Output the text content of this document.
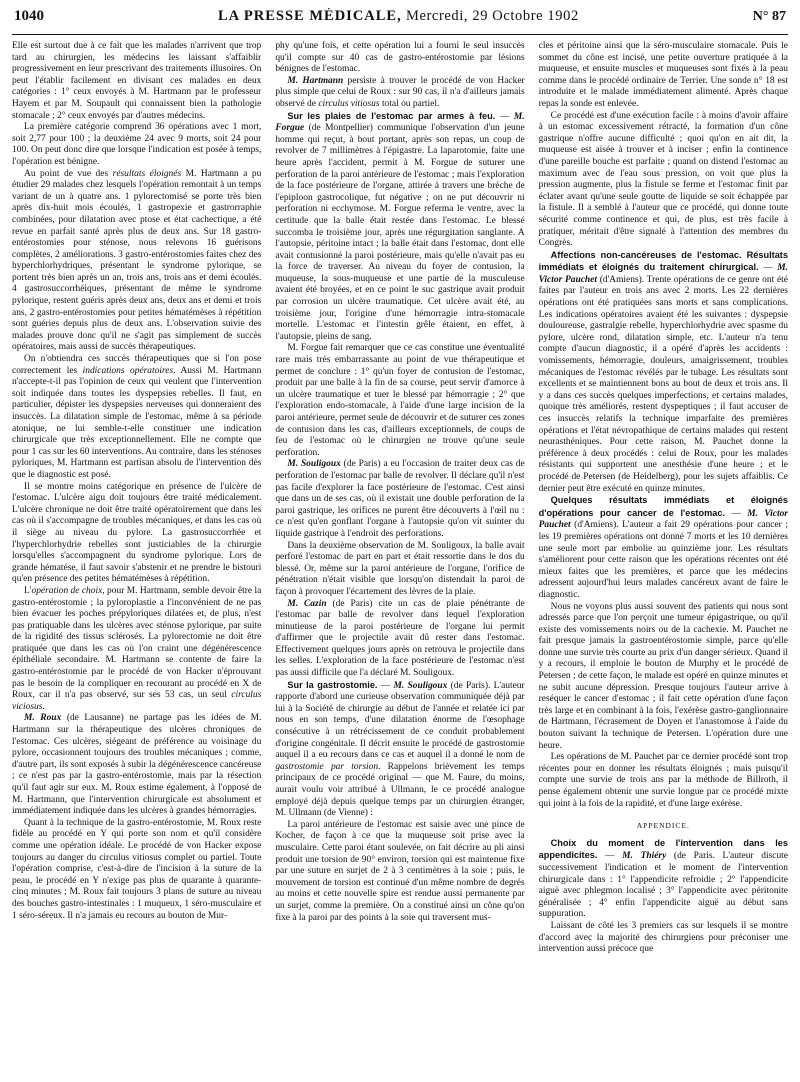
1040	LA PRESSE MÉDICALE, Mercredi, 29 Octobre 1902	N° 87

Elle est surtout due à ce fait que les malades n'arrivent que trop tard au chirurgien, les médecins les laissant s'affaiblir progressivement en leur prescrivant des traitements illusoires. On peut l'établir facilement en divisant ces malades en deux catégories : 1° ceux envoyés à M. Hartmann par le professeur Hayem et par M. Soupault qui connaissent bien la pathologie stomacale ; 2° ceux envoyés par d'autres médecins.

La première catégorie comprend 36 opérations avec 1 mort, soit 2,77 pour 100 ; la deuxième 24 avec 9 morts, soit 24 pour 100. On peut donc dire que lorsque l'indication est posée à temps, l'opération est bénigne.

Au point de vue des résultats éloignés M. Hartmann a pu étudier 29 malades chez lesquels l'opération remontait à un temps variant de un à quatre ans. 1 pylorectomisé se porte très bien après dix-huit mois écoulés, 1 gastropexie et gastrorraphie combinées, pour dilatation avec ptose et état cachectique, a été revue en parfait santé après plus de deux ans. Sur 18 gastro-entérostomies pour sténose, nous relevons 16 guérisons complètes, 2 améliorations. 3 gastro-entérostomies faites chez des hyperchlorhydriques, présentant le syndrome pylorique, se portent très bien après un an, trois ans, trois ans et demi écoulés. 4 gastrosuccorrhéiques, présentant de même le syndrome pylorique, restent guéris après deux ans, deux ans et demi et trois ans, 2 gastro-entérostomies pour petites hématémèses à répétition sont guéries depuis plus de deux ans. L'observation suivie des malades prouve donc qu'il ne s'agit pas simplement de succès opératoires, mais aussi de succès thérapeutiques.

On n'obtiendra ces succès thérapeutiques que si l'on pose correctement les indications opératoires. Aussi M. Hartmann n'accepte-t-il pas l'opinion de ceux qui veulent que l'intervention soit indiquée dans toutes les dyspepsies rebelles. Il faut, en particulier, dépister les dyspepsies nerveuses qui donneraient des insuccès. La dilatation simple de l'estomac, même à sa période atonique, ne lui semble-t-elle constituer une indication chirurgicale que très exceptionnellement. Elle ne compte que pour 1 cas sur les 60 interventions. Au contraire, dans les sténoses pyloriques, M. Hartmann est partisan absolu de l'intervention dès que le diagnostic est posé.

Il se montre moins catégorique en présence de l'ulcère de l'estomac. L'ulcère aigu doit toujours être traité médicalement. L'ulcère chronique ne doit être traité opératoirement que dans les cas où il s'accompagne de troubles mécaniques, et dans les cas où il siège au niveau du pylore. La gastrosuccorrhée et l'hyperchlorhydrie rebelles sont justiciables de la chirurgie lorsqu'elles s'accompagnent du syndrome pylorique. Lors de grande hématése, il faut savoir s'abstenir et ne prendre le bistouri qu'en présence des petites hématémèses à répétition.

L'opération de choix, pour M. Hartmann, semble devoir être la gastro-entérostomie ; la pyloroplastie a l'inconvénient de ne pas bien évacuer les poches prépyloriques dilatées et, de plus, n'est pas pratiquable dans les ulcères avec sténose pylorique, par suite de la rigidité des tissus sclérosés. La pylorectomie ne doit être pratiquée que dans les cas où l'on craint une dégénérescence épithéliale secondaire. M. Hartmann se contente de faire la gastro-entérostomie par le procédé de von Hacker n'éprouvant pas le besoin de la compliquer en recourant au procédé en X de Roux, car il n'a pas observé, sur ses 53 cas, un seul circulus viciosus.

M. Roux (de Lausanne) ne partage pas les idées de M. Hartmann sur la thérapeutique des ulcères chroniques de l'estomac. Ces ulcères, siégeant de préférence au voisinage du pylore, occasionnent toujours des troubles mécaniques ; comme, d'autre part, ils sont exposés à subir la dégénérescence cancéreuse ; ce n'est pas par la gastro-entérostomie, mais par la résection qu'il faut agir sur eux. M. Roux estime également, à l'opposé de M. Hartmann, que l'intervention chirurgicale est absolument et immédiatement indiquée dans les ulcères à grandes hémorragies.

Quant à la technique de la gastro-entérostomie, M. Roux reste fidèle au procédé en Y qui porte son nom et qu'il considère comme une opération idéale. Le procédé de von Hacker expose toujours au danger du circulus vitiosus complet ou partiel. Toute l'opération comprise, c'est-à-dire de l'incision à la suture de la peau, le procédé en Y n'exige pas plus de quarante à quarante-cinq minutes ; M. Roux fait toujours 3 plans de suture au niveau des bouches gastro-intestinales : 1 muqueux, 1 séro-musculaire et 1 séro-séreux. Il n'a jamais eu recours au bouton de Mur-

phy qu'une fois, et cette opération lui a fourni le seul insuccès qu'il compte sur 40 cas de gastro-entérostomie par lésions bénignes de l'estomac.

M. Hartmann persiste à trouver le procédé de von Hacker plus simple que celui de Roux : sur 90 cas, il n'a d'ailleurs jamais observé de circulus vitiosus total ou partiel.

Sur les plaies de l'estomac par armes à feu. — M. Forgue (de Montpellier) communique l'observation d'un jeune homme qui reçut, à bout portant, après son repas, un coup de revolver de 7 millimètres à l'épigastre. La laparotomie, faite une heure après l'accident, permit à M. Forgue de suturer une perforation de la paroi antérieure de l'estomac ; mais l'exploration de la face postérieure de l'organe, attirée à travers une brèche de l'epiploon gastrocolique, fut négative ; on ne put découvrir ni perforation ni ecchymose. M. Forgue referma le ventre, avec la certitude que la balle était restée dans l'estomac. Le blessé succomba le troisième jour, après une régurgitation sanglante. A l'autopsie, péritoine intact ; la balle était dans l'estomac, dont elle avait contusionné la paroi postérieure, mais qu'elle n'avait pas eu la force de traverser. Au niveau du foyer de contusion, la muqueuse, la sous-muqueuse et une partie de la musculeuse avaient été broyées, et en ce point le suc gastrique avait produit par corrosion un ulcère traumatique. Cet ulcère avait été, au troisième jour, l'origine d'une hémorragie intra-stomacale mortelle. L'estomac et l'intestin grêle étaient, en effet, à l'autopsie, pleins de sang.

M. Forgue fait remarquer que ce cas constitue une éventualité rare mais très embarrassante au point de vue thérapeutique et permet de conclure : 1° qu'un foyer de contusion de l'estomac, produit par une balle à la fin de sa course, peut servir d'amorce à un ulcère traumatique et tuer le blessé par hémorragie ; 2° que l'exploration endo-stomacale, à l'aide d'une large incision de la paroi antérieure, permet seule de découvrir et de suturer ces zones de contusion dans les cas, d'ailleurs exceptionnels, de coups de feu de l'estomac où le chirurgien ne trouve qu'une seule perforation.

M. Souligoux (de Paris) a eu l'occasion de traiter deux cas de perforation de l'estomac par balle de revolver. Il déclare qu'il n'est pas facile d'explorer la face postérieure de l'estomac. C'est ainsi que dans un de ses cas, où il existait une double perforation de la paroi gastrique, les orifices ne purent être découverts à l'œil nu : ce n'est qu'en gonflant l'organe à l'autopsie qu'on vit suinter du liquide gastrique à l'endroit des perforations.

Dans la deuxième observation de M. Souligoux, la balle avait perforé l'estomac de part en part et était ressortie dans le dos du blessé. Or, même sur la paroi antérieure de l'organe, l'orifice de pénétration n'était visible que lorsqu'on distendait la paroi de façon à provoquer l'écartement des lèvres de la plaie.

M. Cazin (de Paris) cite un cas de plaie pénétrante de l'estomac par balle de revolver dans lequel l'exploration minutieuse de la paroi postérieure de l'organe lui permit d'affirmer que le projectile avait dû rester dans l'estomac. Effectivement quelques jours après on retrouva le projectile dans les selles. L'exploration de la face postérieure de l'estomac n'est pas aussi difficile que l'a déclaré M. Souligoux.

Sur la gastrostomie. — M. Souligoux (de Paris). L'auteur rapporte d'abord une curieuse observation communiquée déjà par lui à la Société de chirurgie au début de l'année et relatée ici par nous en son temps, d'une dilatation énorme de l'œsophage consécutive à un rétrécissement de ce conduit probablement d'origine congénitale. Il décrit ensuite le procédé de gastrostomie auquel il a eu recours dans ce cas et auquel il a donné le nom de gastrostomie par torsion. Rappelons brièvement les temps principaux de ce procédé original — que M. Faure, du moins, aurait voulu voir attribué à Ullmann, le ce procédé analogue employé déjà depuis quelque temps par un chirurgien étranger, M. Ullmann (de Vienne) :

La paroi antérieure de l'estomac est saisie avec une pince de Kocher, de façon à ce que la muqueuse soit prise avec la musculaire. Cette paroi étant soulevée, on fait décrire au pli ainsi produit une torsion de 90° environ, torsion qui est maintenue fixe par une suture en surjet de 2 à 3 centimètres à la soie ; puis, le mouvement de torsion est continué d'un même nombre de degrés au moins et cette nouvelle spire est rendue aussi permanente par un surjet, comme la première. On a constitué ainsi un cône qu'on fixe à la paroi par des points à la soie qui traversent mus-

cles et péritoine ainsi que la séro-musculaire stomacale. Puis le sommet du cône est incisé, une petite ouverture pratiquée à la muqueuse, et ensuite muscles et muqueuses sont fixés à la peau comme dans le procédé ordinaire de Terrier. Une sonde n° 18 est introduite et le malade immédiatement alimenté. Après chaque repas la sonde est enlevée.

Ce procédé est d'une exécution facile : à moins d'avoir affaire à un estomac excessivement rétracté, la formation d'un cône gastrique n'offre aucune difficulté ; quoi qu'on en ait dit, la muqueuse est aisée à trouver et à inciser ; enfin la continence d'une pareille bouche est parfaite ; quand on distend l'estomac au maximum avec de l'eau sous pression, on voit que plus la pression augmente, plus la fistule se ferme et l'estomac finit par éclater avant qu'une seule goutte de liquide se soit échappée par la fistule. Il a semblé à l'auteur que ce procédé, qui donne toute sécurité comme continence et qui, de plus, est très facile à pratiquer, méritait d'être signalé à l'attention des membres du Congrès.

Affections non-cancéreuses de l'estomac. Résultats immédiats et éloignés du traitement chirurgical. — M. Victor Pauchet (d'Amiens). Trente opérations de ce genre ont été faites par l'auteur en trois ans avec 2 morts. Les 22 dernières opérations ont été pratiquées sans morts et sans complications. Les indications opératoires avaient été les suivantes : dyspepsie douloureuse, gastralgie rebelle, hyperchlorhydrie avec spasme du pylore, ulcère rond, dilatation simple, etc. L'auteur n'a tenu compte d'aucun diagnostic, il a opéré d'après les accidents : vomissements, hémorragie, douleurs, amaigrissement, troubles mécaniques de l'estomac révélés par le tubage. Les résultats sont excellents et se maintiennent bons au bout de deux et trois ans. Il y a dans ces succès quelques imperfections, et certains malades, quoique très améliorés, restent dyspeptiques ; il faut accuser de ces insuccès relatifs la technique imparfaite des premières opérations et l'état névropathique de certains malades qui restent neurasthéniques. Pour cette raison, M. Pauchet donne la préférence à deux procédés : celui de Roux, pour les malades résistants qui supportent une anesthésie d'une heure ; et le procédé de Petersen (de Heidelberg), pour les sujets affaiblis. Ce dernier peut être exécuté en quinze minutes.

Quelques résultats immédiats et éloignés d'opérations pour cancer de l'estomac. — M. Victor Pauchet (d'Amiens). L'auteur a fait 29 opérations pour cancer ; les 19 premières opérations ont donné 7 morts et les 10 dernières une seule mort par embolie au quinzième jour. Les résultats s'améliorent pour cette raison que les opérations récentes ont été mieux faites que les premières, et parce que les médecins adressent aujourd'hui leurs malades cancéreux avant de faire le diagnostic.

Nous ne voyons plus aussi souvent des patients qui nous sont adressés parce que l'on perçoit une tumeur épigastrique, ou qu'il existe des vomissements noirs ou de la cachexie. M. Pauchet ne fait presque jamais la gastroentérostomie simple, parce qu'elle donne une survie très courte au prix d'un danger sérieux. Quand il y a recours, il emploie le bouton de Murphy et le procédé de Petersen ; de cette façon, le malade est opéré en quinze minutes et ne subit aucune dépression. Presque toujours l'auteur arrive à reséquer le cancer d'estomac ; il fait cette opération d'une façon très large et en combinant à la fois, l'exérèse gastro-ganglionnaire de Hartmann, l'écrasement de Doyen et l'anastomose à l'aide du bouton suivant la technique de Petersen. L'opération dure une heure.

Les opérations de M. Pauchet par ce dernier procédé sont trop récentes pour en donner les résultats éloignés ; mais puisqu'il compte une survie de trois ans par la méthode de Billroth, il pense également obtenir une survie longue par ce procédé mixte qui joint à la fois de la rapidité, et d'une large exérèse.

APPENDICE.

Choix du moment de l'intervention dans les appendicites. — M. Thiéry (de Paris. L'auteur discute successivement l'indication et le moment de l'intervention chirurgicale dans : 1° l'appendicite refroidie ; 2° l'appendicite aiguë avec phlegmon localisé ; 3° l'appendicite avec péritonite généralisée ; 4° enfin l'appendicite aiguë au début sans suppuration.

Laissant de côté les 3 premiers cas sur lesquels il se montre d'accord avec la majorité des chirurgiens pour préconiser une intervention aussi précoce que
